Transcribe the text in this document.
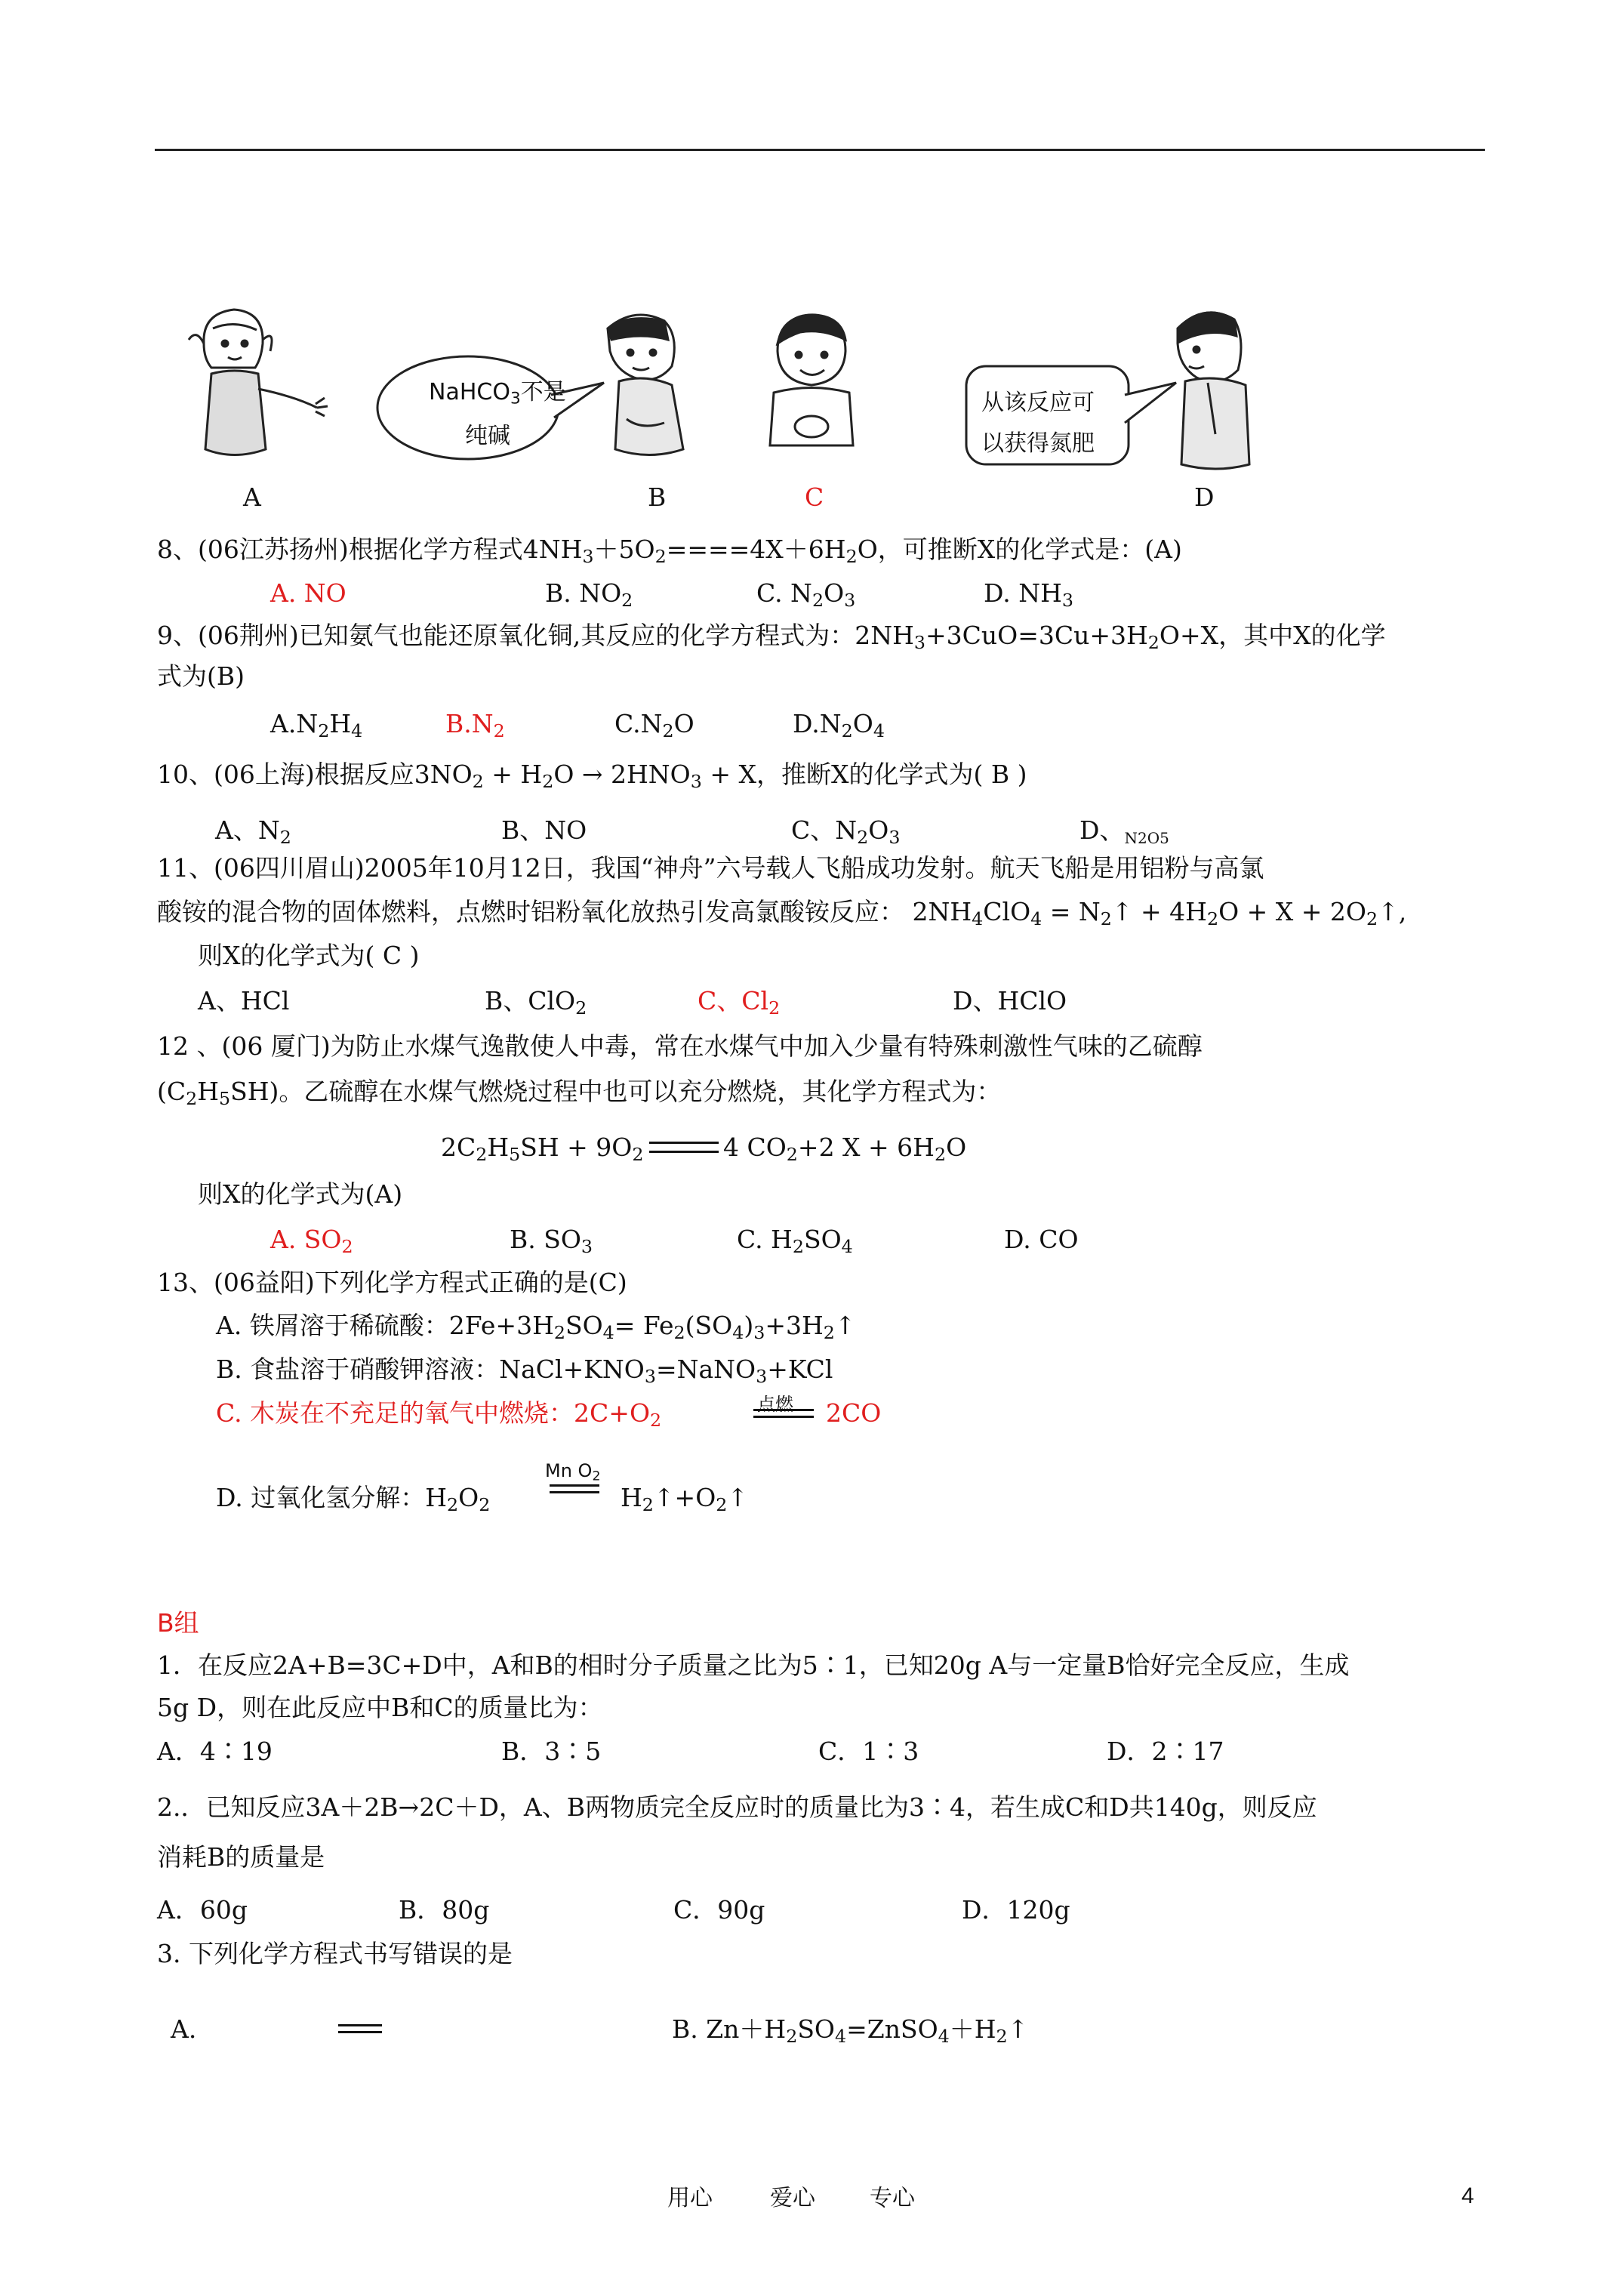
NaHCO$_3$不是
纯碱
从该反应可
以获得氮肥
A	B	C	D
8、(06江苏扬州)根据化学方程式$4NH_3+5O_2====4X+6H_2O$，可推断X的化学式是：(A)
A. NO	B. $NO_2$	C. $N_2O_3$	D. $NH_3$
9、(06荆州)已知氨气也能还原氧化铜,其反应的化学方程式为：$2NH_3+3CuO=3Cu+3H_2O+X$，其中X的化学
式为(B)
$A.N_2H_4$	$B.N_2$	$C.N_2O$	$D.N_2O_4$
10、(06上海)根据反应$3NO_2 + H_2O \to 2HNO_3 + X$，推断X的化学式为( B )
A、$N_2$	B、NO	C、$N_2O_3$	D、N2O5
11、(06四川眉山)2005年10月12日，我国“神舟”六号载人飞船成功发射。航天飞船是用铝粉与高氯
酸铵的混合物的固体燃料，点燃时铝粉氧化放热引发高氯酸铵反应： $2NH_4ClO_4$ = $N_2↑ + 4H_2O + X$ + $2O_2↑$,
则X的化学式为( C )
A、HCl	B、ClO$_2$	C、$Cl_2$	D、HClO
12 、(06 厦门)为防止水煤气逸散使人中毒，常在水煤气中加入少量有特殊刺激性气味的乙硫醇
$(C_2H_5SH)$。乙硫醇在水煤气燃烧过程中也可以充分燃烧，其化学方程式为：
$2C_2H_5SH + 9O_2$	4 $CO_2+2$ $X + 6H_2O$
则X的化学式为(A)
A. $SO_2$	B. $SO_3$	C. $H_2SO_4$	D. CO
13、(06益阳)下列化学方程式正确的是(C)
A. 铁屑溶于稀硫酸：$2Fe+3H_2SO_4=$ $Fe_2(SO_4)_3+3H_2↑$
B. 食盐溶于硝酸钾溶液：$NaCl+KNO_3=NaNO_3+KCl$
C. 木炭在不充足的氧气中燃烧：$2C+O_2$
点燃 2CO
Mn $O_2$
D. 过氧化氢分解：$H_2O_2$	$H_2↑+O_2↑$
B组
1．在反应2A+B=3C+D中，A和B的相时分子质量之比为5∶1，已知20g A与一定量B恰好完全反应，生成
5g D，则在此反应中B和C的质量比为：
A．4∶19	B．3∶5	C．1∶3	D．2∶17
2.．已知反应3A＋2B→2C＋D，A、B两物质完全反应时的质量比为3∶4，若生成C和D共140g，则反应
消耗B的质量是
A．60g	B．80g	C．90g	D．120g
3. 下列化学方程式书写错误的是
A.	B. $Zn+H_2SO_4=ZnSO_4+H_2↑$
用心	爱心 专心	4
